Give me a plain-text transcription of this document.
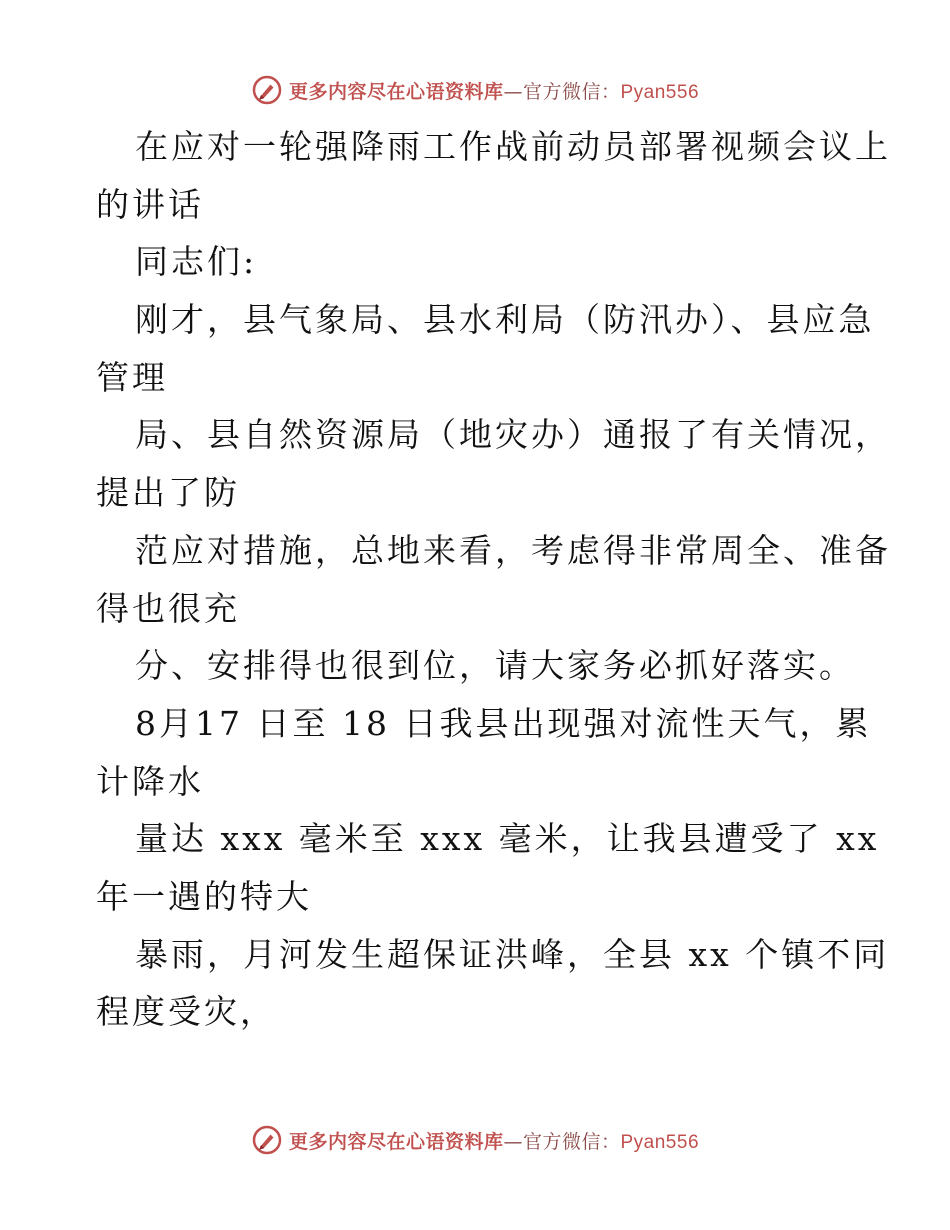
更多内容尽在心语资料库—官方微信：Pyan556
在应对一轮强降雨工作战前动员部署视频会议上
的讲话
同志们:
刚才，县气象局、县水利局（防汛办）、县应急
管理
局、县自然资源局（地灾办）通报了有关情况，
提出了防
范应对措施，总地来看，考虑得非常周全、准备
得也很充
分、安排得也很到位，请大家务必抓好落实。
8月17 日至 18 日我县出现强对流性天气，累
计降水
量达 xxx 毫米至 xxx 毫米，让我县遭受了 xx
年一遇的特大
暴雨，月河发生超保证洪峰，全县 xx 个镇不同
程度受灾，
更多内容尽在心语资料库—官方微信：Pyan556
